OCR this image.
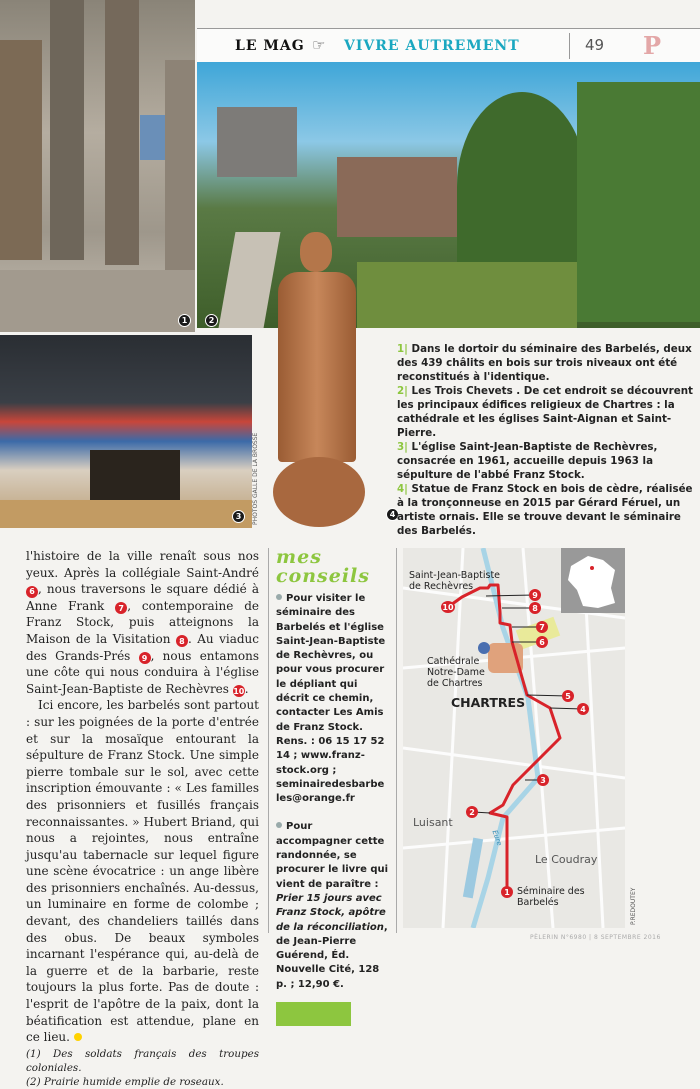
1
LE MAG ☞ VIVRE AUTREMENT	49 P
2
3	4
PHOTOS GALLE DE LA BROSSE
1| Dans le dortoir du séminaire des Barbelés, deux des 439 châlits en bois sur trois niveaux ont été reconstitués à l'identique.
2| Les Trois Chevets . De cet endroit se découvrent les principaux édifices religieux de Chartres : la cathédrale et les églises Saint-Aignan et Saint-Pierre.
3| L'église Saint-Jean-Baptiste de Rechèvres, consacrée en 1961, accueille depuis 1963 la sépulture de l'abbé Franz Stock.
4| Statue de Franz Stock en bois de cèdre, réalisée à la tronçonneuse en 2015 par Gérard Féruel, un artiste ornais. Elle se trouve devant le séminaire des Barbelés.

l'histoire de la ville renaît sous nos yeux. Après la collégiale Saint-André 6 , nous traversons le square dédié à Anne Frank 7 , contemporaine de Franz Stock, puis atteignons la Maison de la Visitation 8 . Au viaduc des Grands-Prés 9 , nous entamons une côte qui nous conduira à l'église Saint-Jean-Baptiste de Rechèvres 10.

Ici encore, les barbelés sont partout : sur les poignées de la porte d'entrée et sur la mosaïque entourant la sépulture de Franz Stock. Une simple pierre tombale sur le sol, avec cette inscription émouvante : « Les familles des prisonniers et fusillés français reconnaissantes. » Hubert Briand, qui nous a rejointes, nous entraîne jusqu'au tabernacle sur lequel figure une scène évocatrice : un ange libère des prisonniers enchaînés. Au-dessus, un luminaire en forme de colombe ; devant, des chandeliers taillés dans des obus. De beaux symboles incarnant l'espérance qui, au-delà de la guerre et de la barbarie, reste toujours la plus forte. Pas de doute : l'esprit de l'apôtre de la paix, dont la béatification est attendue, plane en ce lieu.

(1) Des soldats français des troupes coloniales.
(2) Prairie humide emplie de roseaux.
mes
conseils
Pour visiter le séminaire des Barbelés et l'église Saint-Jean-Baptiste de Rechèvres, ou pour vous procurer le dépliant qui décrit ce chemin, contacter Les Amis de Franz Stock. Rens. : 06 15 17 52 14 ; www.franz-stock.org ; seminairedesbarbe les@orange.fr
Pour accompagner cette randonnée, se procurer le livre qui vient de paraître : Prier 15 jours avec Franz Stock, apôtre de la réconciliation, de Jean-Pierre Guérend, Éd. Nouvelle Cité, 128 p. ; 12,90 €.
Saint-Jean-Baptiste de Rechèvres
Cathédrale Notre-Dame de Chartres
CHARTRES
Luisant
Le Coudray
Eure
Séminaire des Barbelés
1
2
3
4
5
6
7
8
9
10
P.REDOUTEY
PÈLERIN N°6980 | 8 SEPTEMBRE 2016
